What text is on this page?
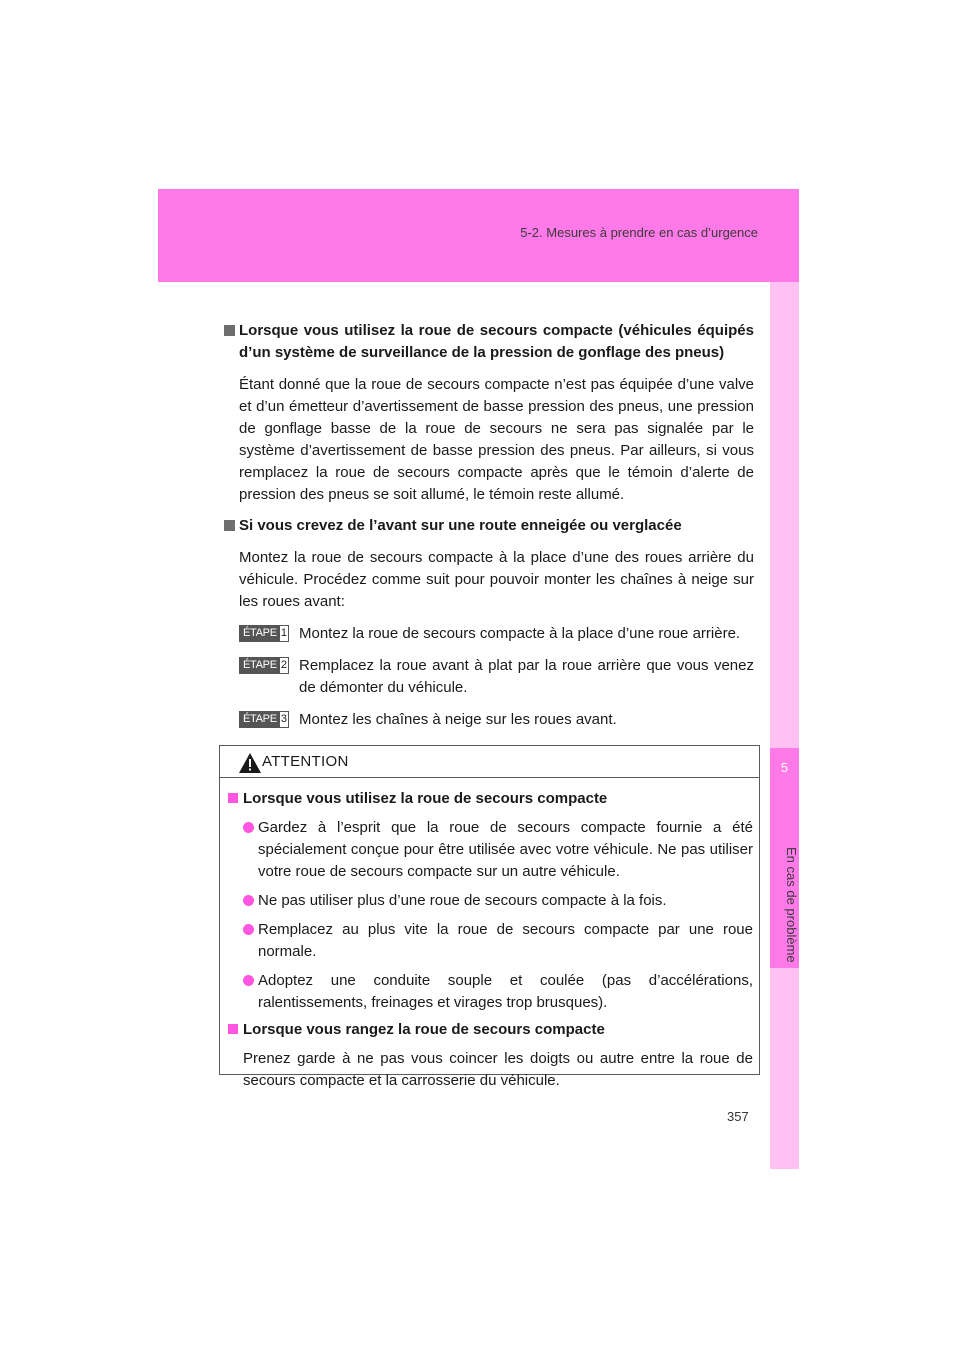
5-2. Mesures à prendre en cas d’urgence
5
En cas de problème
Lorsque vous utilisez la roue de secours compacte (véhicules équipés d’un système de surveillance de la pression de gonflage des pneus)
Étant donné que la roue de secours compacte n’est pas équipée d’une valve et d’un émetteur d’avertissement de basse pression des pneus, une pression de gonflage basse de la roue de secours ne sera pas signalée par le système d’avertissement de basse pression des pneus. Par ailleurs, si vous remplacez la roue de secours compacte après que le témoin d’alerte de pression des pneus se soit allumé, le témoin reste allumé.
Si vous crevez de l’avant sur une route enneigée ou verglacée
Montez la roue de secours compacte à la place d’une des roues arrière du véhicule. Procédez comme suit pour pouvoir monter les chaînes à neige sur les roues avant:
ÉTAPE 1 Montez la roue de secours compacte à la place d’une roue arrière.
ÉTAPE 2 Remplacez la roue avant à plat par la roue arrière que vous venez de démonter du véhicule.
ÉTAPE 3 Montez les chaînes à neige sur les roues avant.
ATTENTION
Lorsque vous utilisez la roue de secours compacte
Gardez à l’esprit que la roue de secours compacte fournie a été spécialement conçue pour être utilisée avec votre véhicule. Ne pas utiliser votre roue de secours compacte sur un autre véhicule.
Ne pas utiliser plus d’une roue de secours compacte à la fois.
Remplacez au plus vite la roue de secours compacte par une roue normale.
Adoptez une conduite souple et coulée (pas d’accélérations, ralentissements, freinages et virages trop brusques).
Lorsque vous rangez la roue de secours compacte
Prenez garde à ne pas vous coincer les doigts ou autre entre la roue de secours compacte et la carrosserie du véhicule.
357
